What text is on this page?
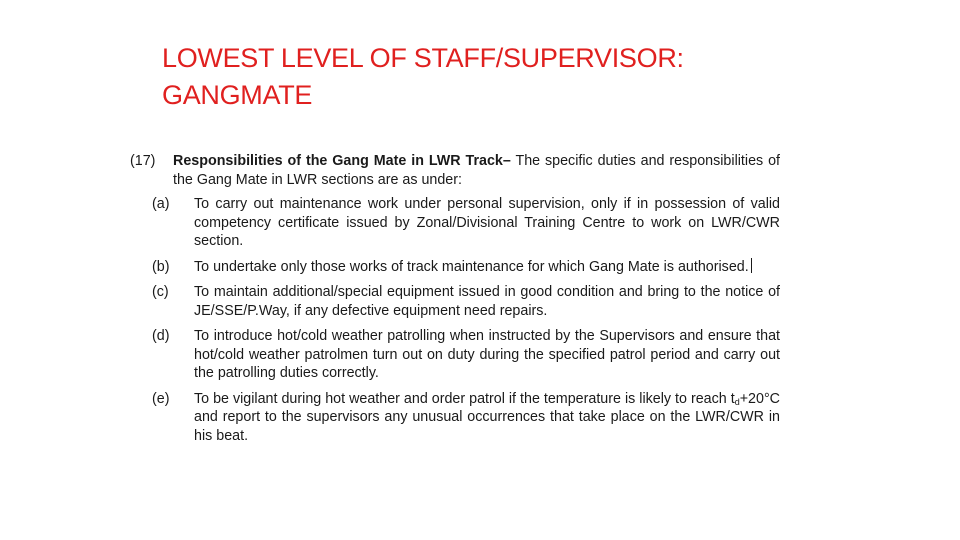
LOWEST LEVEL OF STAFF/SUPERVISOR:
GANGMATE
(17) Responsibilities of the Gang Mate in LWR Track– The specific duties and responsibilities of the Gang Mate in LWR sections are as under:

(a) To carry out maintenance work under personal supervision, only if in possession of valid competency certificate issued by Zonal/Divisional Training Centre to work on LWR/CWR section.
(b) To undertake only those works of track maintenance for which Gang Mate is authorised.
(c) To maintain additional/special equipment issued in good condition and bring to the notice of JE/SSE/P.Way, if any defective equipment need repairs.
(d) To introduce hot/cold weather patrolling when instructed by the Supervisors and ensure that hot/cold weather patrolmen turn out on duty during the specified patrol period and carry out the patrolling duties correctly.
(e) To be vigilant during hot weather and order patrol if the temperature is likely to reach $t_d+20^\circ C$ and report to the supervisors any unusual occurrences that take place on the LWR/CWR in his beat.
